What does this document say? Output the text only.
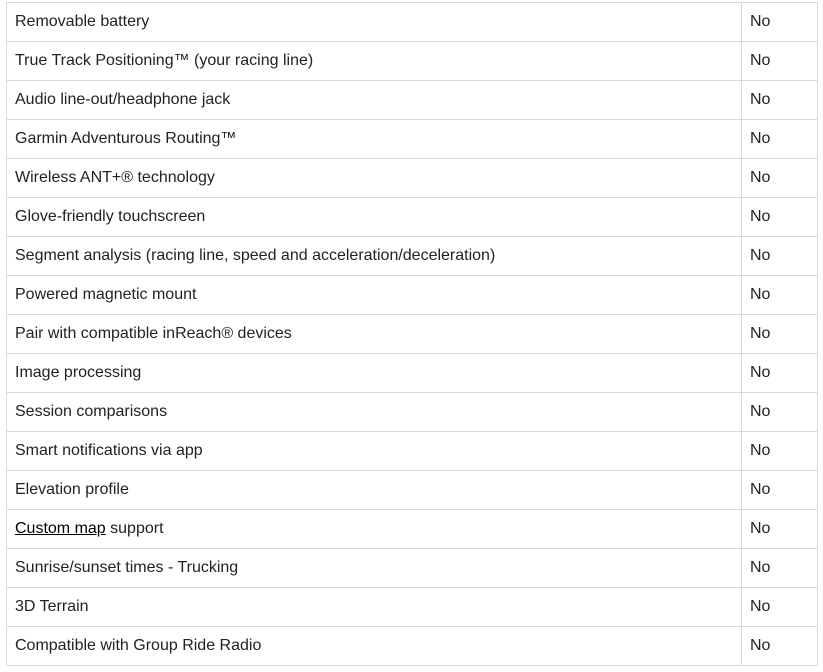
Removable battery	No
True Track Positioning™ (your racing line)	No
Audio line-out/headphone jack	No
Garmin Adventurous Routing™	No
Wireless ANT+® technology	No
Glove-friendly touchscreen	No
Segment analysis (racing line, speed and acceleration/deceleration)	No
Powered magnetic mount	No
Pair with compatible inReach® devices	No
Image processing	No
Session comparisons	No
Smart notifications via app	No
Elevation profile	No
Custom map support	No
Sunrise/sunset times - Trucking	No
3D Terrain	No
Compatible with Group Ride Radio	No
